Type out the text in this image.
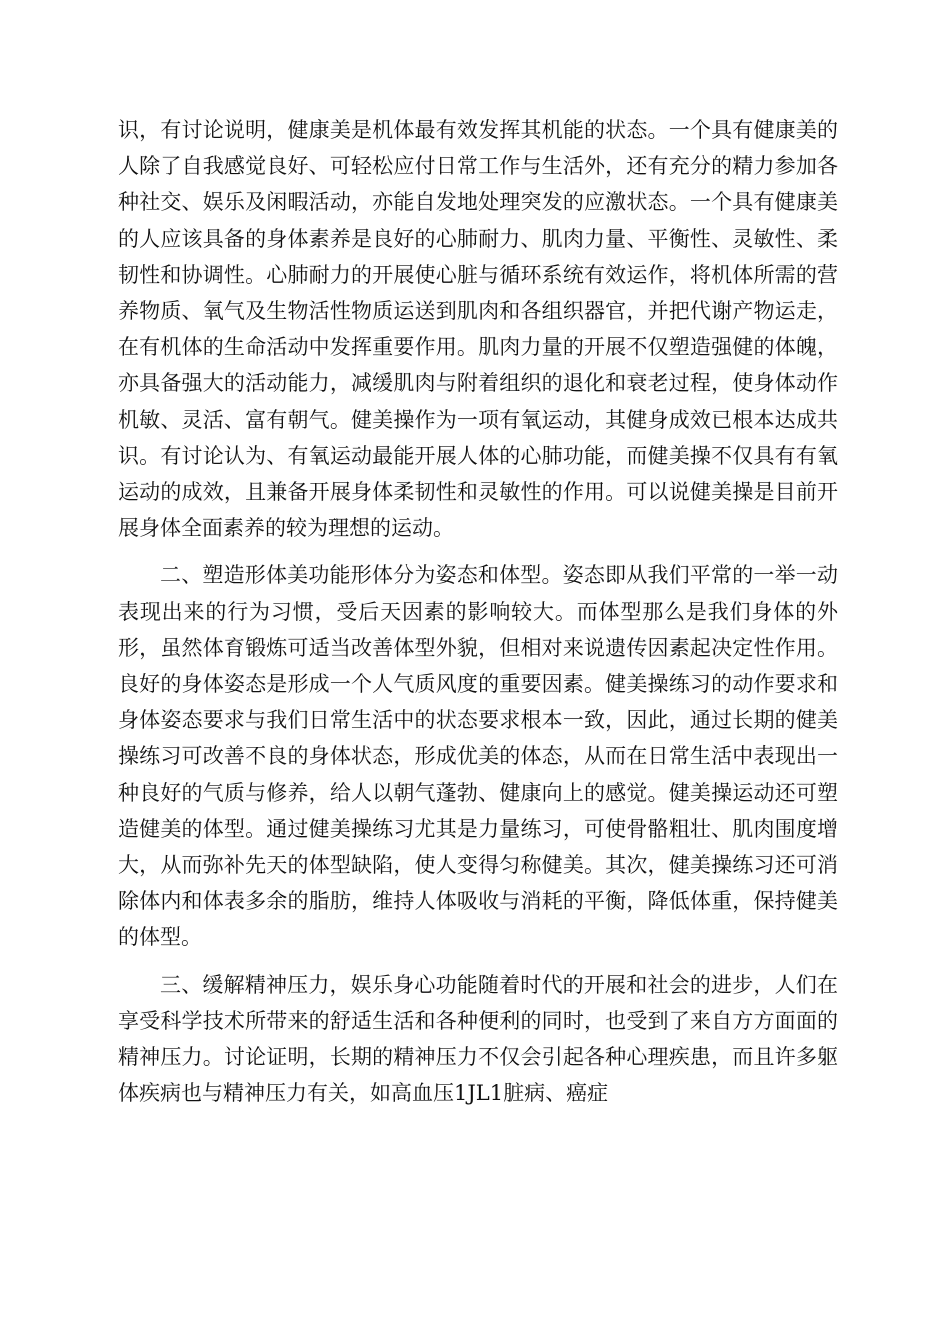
识，有讨论说明，健康美是机体最有效发挥其机能的状态。一个具有健康美的人除了自我感觉良好、可轻松应付日常工作与生活外，还有充分的精力参加各种社交、娱乐及闲暇活动，亦能自发地处理突发的应激状态。一个具有健康美的人应该具备的身体素养是良好的心肺耐力、肌肉力量、平衡性、灵敏性、柔韧性和协调性。心肺耐力的开展使心脏与循环系统有效运作，将机体所需的营养物质、氧气及生物活性物质运送到肌肉和各组织器官，并把代谢产物运走，在有机体的生命活动中发挥重要作用。肌肉力量的开展不仅塑造强健的体魄，亦具备强大的活动能力，减缓肌肉与附着组织的退化和衰老过程，使身体动作机敏、灵活、富有朝气。健美操作为一项有氧运动，其健身成效已根本达成共识。有讨论认为、有氧运动最能开展人体的心肺功能，而健美操不仅具有有氧运动的成效，且兼备开展身体柔韧性和灵敏性的作用。可以说健美操是目前开展身体全面素养的较为理想的运动。

二、塑造形体美功能形体分为姿态和体型。姿态即从我们平常的一举一动表现出来的行为习惯，受后天因素的影响较大。而体型那么是我们身体的外形，虽然体育锻炼可适当改善体型外貌，但相对来说遗传因素起决定性作用。良好的身体姿态是形成一个人气质风度的重要因素。健美操练习的动作要求和身体姿态要求与我们日常生活中的状态要求根本一致，因此，通过长期的健美操练习可改善不良的身体状态，形成优美的体态，从而在日常生活中表现出一种良好的气质与修养，给人以朝气蓬勃、健康向上的感觉。健美操运动还可塑造健美的体型。通过健美操练习尤其是力量练习，可使骨骼粗壮、肌肉围度增大，从而弥补先天的体型缺陷，使人变得匀称健美。其次，健美操练习还可消除体内和体表多余的脂肪，维持人体吸收与消耗的平衡，降低体重，保持健美的体型。

三、缓解精神压力，娱乐身心功能随着时代的开展和社会的进步，人们在享受科学技术所带来的舒适生活和各种便利的同时，也受到了来自方方面面的精神压力。讨论证明，长期的精神压力不仅会引起各种心理疾患，而且许多躯体疾病也与精神压力有关，如高血压1JL1脏病、癌症
